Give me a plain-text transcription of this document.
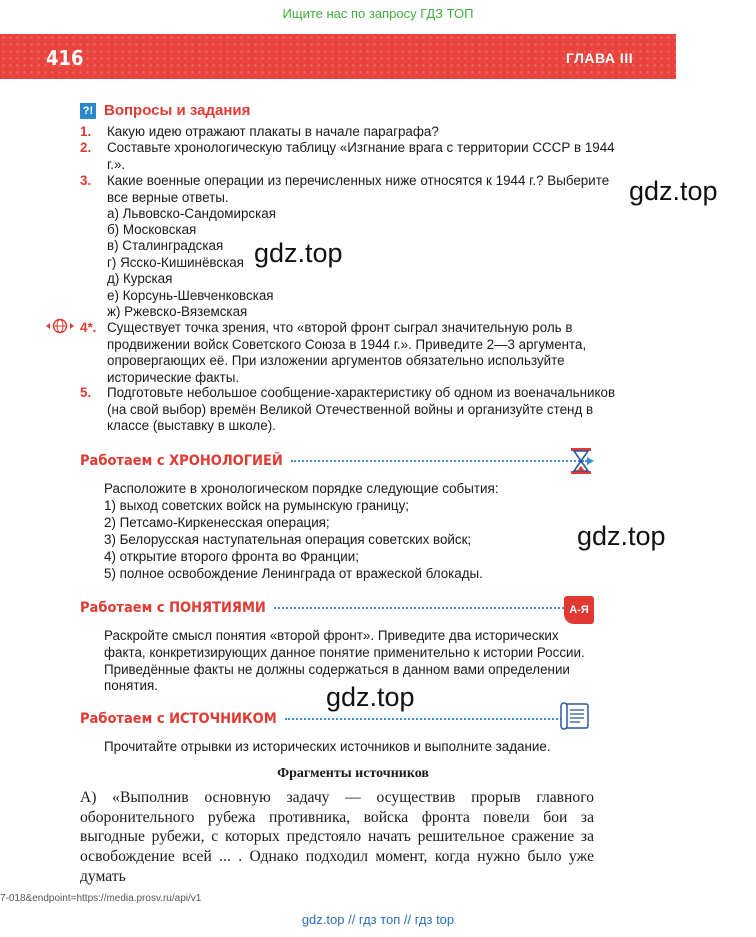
Ищите нас по запросу ГДЗ ТОП
416	ГЛАВА III
gdz.top
gdz.top
gdz.top
gdz.top
?! Вопросы и задания
1. Какую идею отражают плакаты в начале параграфа?
2. Составьте хронологическую таблицу «Изгнание врага с территории СССР в 1944 г.».
3. Какие военные операции из перечисленных ниже относятся к 1944 г.? Выберите все верные ответы.
а) Львовско-Сандомирская
б) Московская
в) Сталинградская
г) Ясско-Кишинёвская
д) Курская
е) Корсунь-Шевченковская
ж) Ржевско-Вяземская
4*. Существует точка зрения, что «второй фронт сыграл значительную роль в продвижении войск Советского Союза в 1944 г.». Приведите 2—3 аргумента, опровергающих её. При изложении аргументов обязательно используйте исторические факты.
5. Подготовьте небольшое сообщение-характеристику об одном из военачальников (на свой выбор) времён Великой Отечественной войны и организуйте стенд в классе (выставку в школе).
Работаем с ХРОНОЛОГИЕЙ
Расположите в хронологическом порядке следующие события:
1) выход советских войск на румынскую границу;
2) Петсамо-Киркенесская операция;
3) Белорусская наступательная операция советских войск;
4) открытие второго фронта во Франции;
5) полное освобождение Ленинграда от вражеской блокады.
Работаем с ПОНЯТИЯМИ	А-Я
Раскройте смысл понятия «второй фронт». Приведите два исторических факта, конкретизирующих данное понятие применительно к истории России. Приведённые факты не должны содержаться в данном вами определении понятия.
Работаем с ИСТОЧНИКОМ
Прочитайте отрывки из исторических источников и выполните задание.
Фрагменты источников
А) «Выполнив основную задачу — осуществив прорыв главного оборонительного рубежа противника, войска фронта повели бои за выгодные рубежи, с которых предстояло начать решительное сражение за освобождение всей ... . Однако подходил момент, когда нужно было уже думать
7-018&endpoint=https://media.prosv.ru/api/v1
gdz.top // гдз топ // гдз top
